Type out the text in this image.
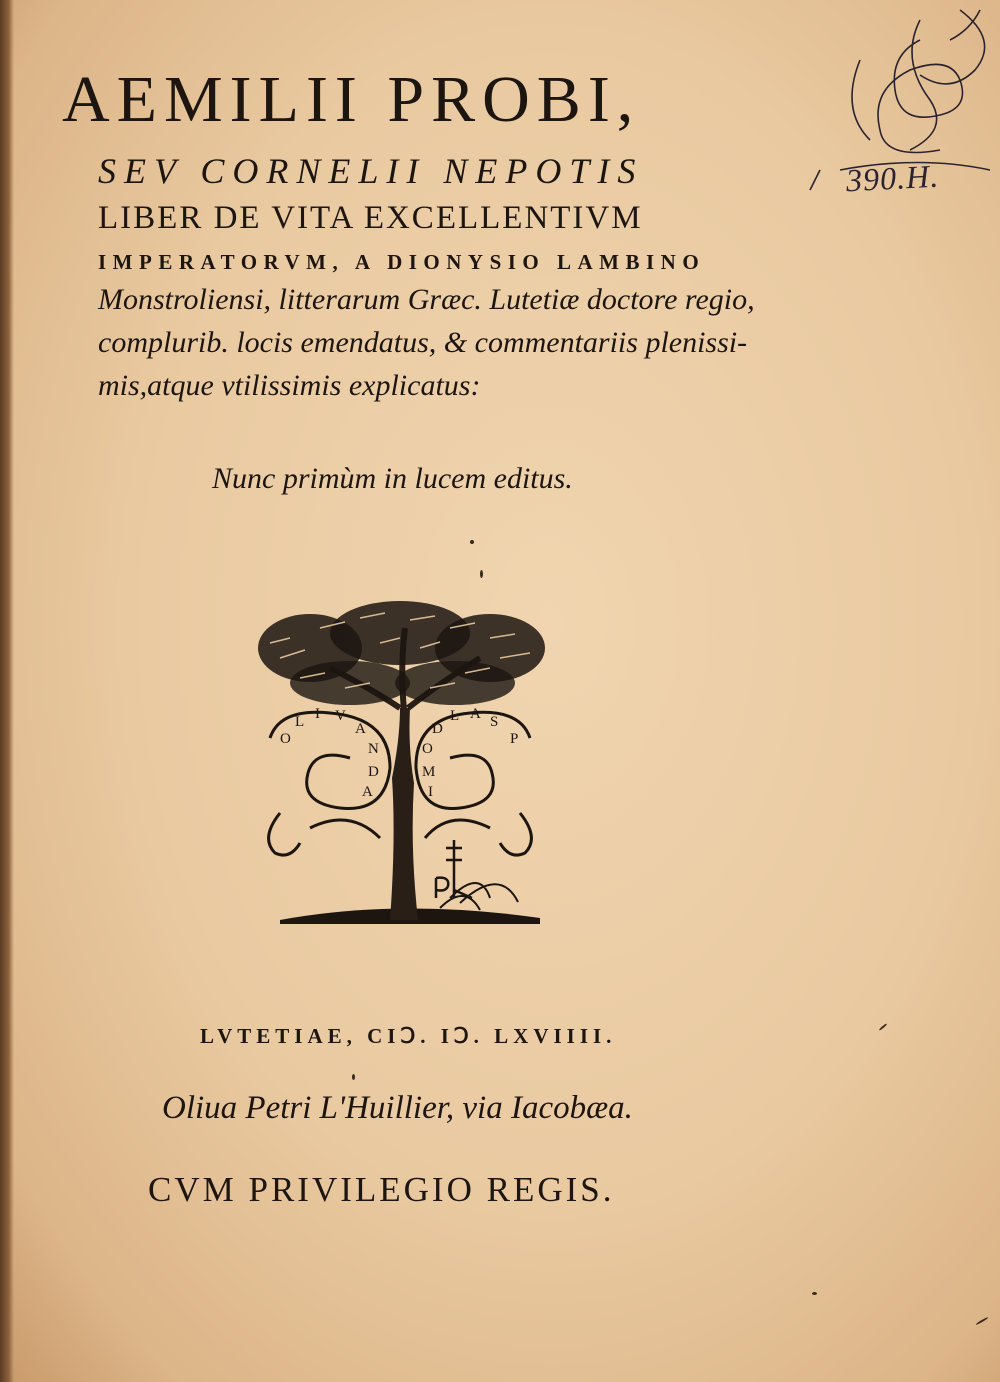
AEMILII PROBI,
SEV CORNELII NEPOTIS
LIBER DE VITA EXCELLENTIVM
IMPERATORVM, A DIONYSIO LAMBINO
Monstroliensi, litterarum Græc. Lutetiæ doctore regio,
complurib. locis emendatus, & commentariis plenissi-
mis,atque vtilissimis explicatus:
Nunc primùm in lucem editus.
O
L I V
A
N
D
A
P
S
A
L
D
O
M
I
LVTETIAE, CIↃ. IↃ. LXVIIII.
Oliua Petri L'Huillier, via Iacobæa.
CVM PRIVILEGIO REGIS.
390.H.
